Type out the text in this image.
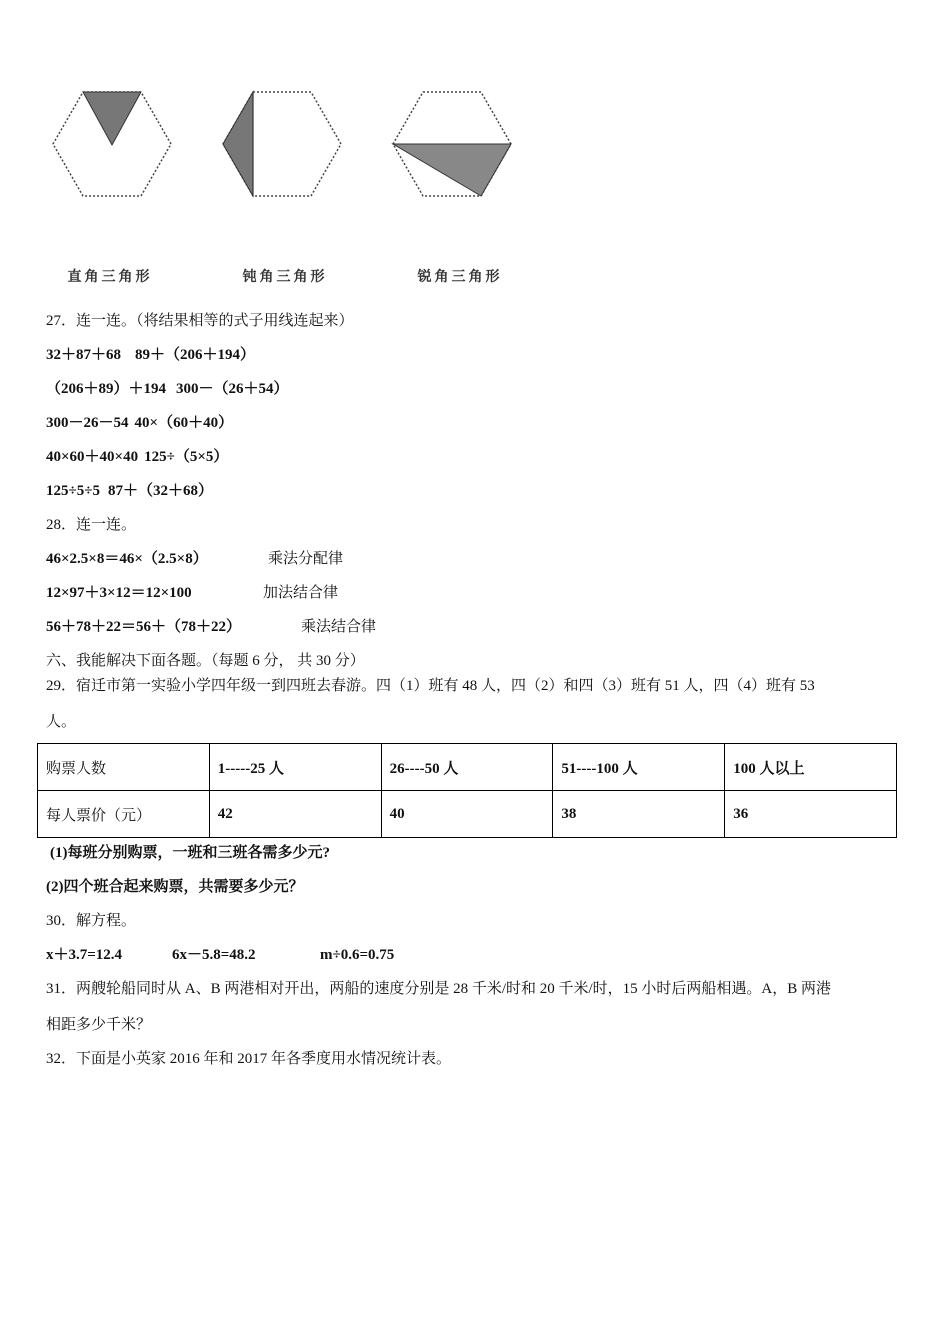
直角三角形	钝角三角形	锐角三角形
27．连一连。（将结果相等的式子用线连起来）
32＋87＋68 89＋（206＋194）
（206＋89）＋194 300－（26＋54）
300－26－54 40×（60＋40）
40×60＋40×40 125÷（5×5）
125÷5÷5 87＋（32＋68）
28．连一连。
46×2.5×8＝46×（2.5×8）	乘法分配律
12×97＋3×12＝12×100	加法结合律
56＋78＋22＝56＋（78＋22）	乘法结合律
六、我能解决下面各题。（每题 6 分， 共 30 分）
29．宿迁市第一实验小学四年级一到四班去春游。四（1）班有 48 人，四（2）和四（3）班有 51 人，四（4）班有 53
人。
购票人数	1-----25 人	26----50 人	51----100 人	100 人以上
每人票价（元）	42	40	38	36
(1)每班分别购票，一班和三班各需多少元?
(2)四个班合起来购票，共需要多少元？
30．解方程。
x＋3.7=12.4	6x－5.8=48.2	m÷0.6=0.75
31．两艘轮船同时从 A、B 两港相对开出，两船的速度分别是 28 千米/时和 20 千米/时，15 小时后两船相遇。A，B 两港
相距多少千米？
32．下面是小英家 2016 年和 2017 年各季度用水情况统计表。
